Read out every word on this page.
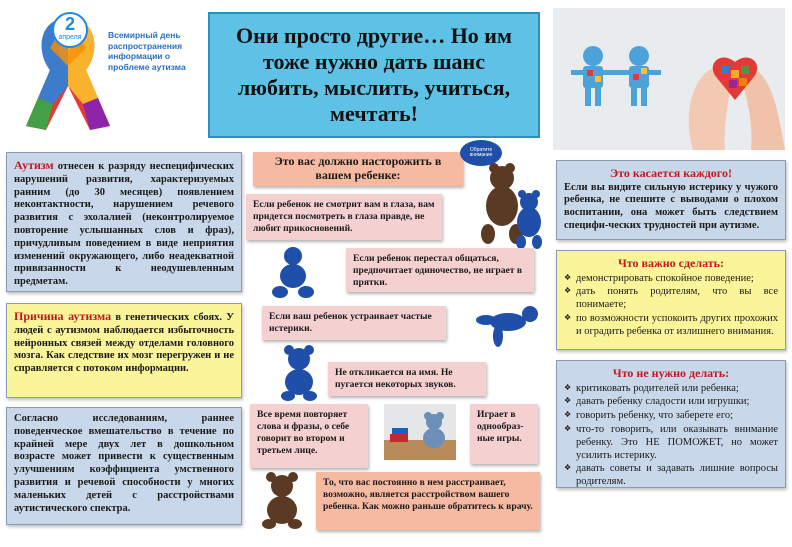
2
апреля	Всемирный день распространения информации о проблеме аутизма
Они просто другие… Но им тоже нужно дать шанс любить, мыслить, учиться, мечтать!
Аутизм отнесен к разряду неспецифических нарушений развития, характеризуемых ранним (до 30 месяцев) появлением неконтактности, нарушением речевого развития с эхолалией (неконтролируемое повторение услышанных слов и фраз), причудливым поведением в виде неприятия изменений окружающего, либо неадекватной привязанности к неодушевленным предметам.
Причина аутизма в генетических сбоях. У людей с аутизмом наблюдается избыточность нейронных связей между отделами головного мозга. Как следствие их мозг перегружен и не справляется с потоком информации.
Согласно исследованиям, раннее поведенческое вмешательство в течение по крайней мере двух лет в дошкольном возрасте может привести к существенным улучшениям коэффициента умственного развития и речевой способности у многих маленьких детей с расстройствами аутистического спектра.
Это вас должно насторожить в вашем ребенке:
Обратите внимание
Если ребенок не смотрит вам в глаза, вам придется посмотреть в глаза правде, не любит прикосновений.
Если ребенок перестал общаться, предпочитает одиночество, не играет в прятки.
Если ваш ребенок устраивает частые истерики.
Не откликается на имя. Не пугается некоторых звуков.
Все время повторяет слова и фразы, о себе говорит во втором и третьем лице.
Играет в однообраз-ные игры.
То, что вас постоянно в нем расстраивает, возможно, является расстройством вашего ребенка. Как можно раньше обратитесь к врачу.
Это касается каждого!
Если вы видите сильную истерику у чужого ребенка, не спешите с выводами о плохом воспитании, она может быть следствием специфи-ческих трудностей при аутизме.
Что важно сделать:
❖ демонстрировать спокойное поведение;
❖ дать понять родителям, что вы все понимаете;
❖ по возможности успокоить других прохожих и оградить ребенка от излишнего внимания.
Что не нужно делать:
❖ критиковать родителей или ребенка;
❖ давать ребенку сладости или игрушки;
❖ говорить ребенку, что заберете его;
❖ что-то говорить, или оказывать внимание ребенку. Это НЕ ПОМОЖЕТ, но может усилить истерику.
❖ давать советы и задавать лишние вопросы родителям.
